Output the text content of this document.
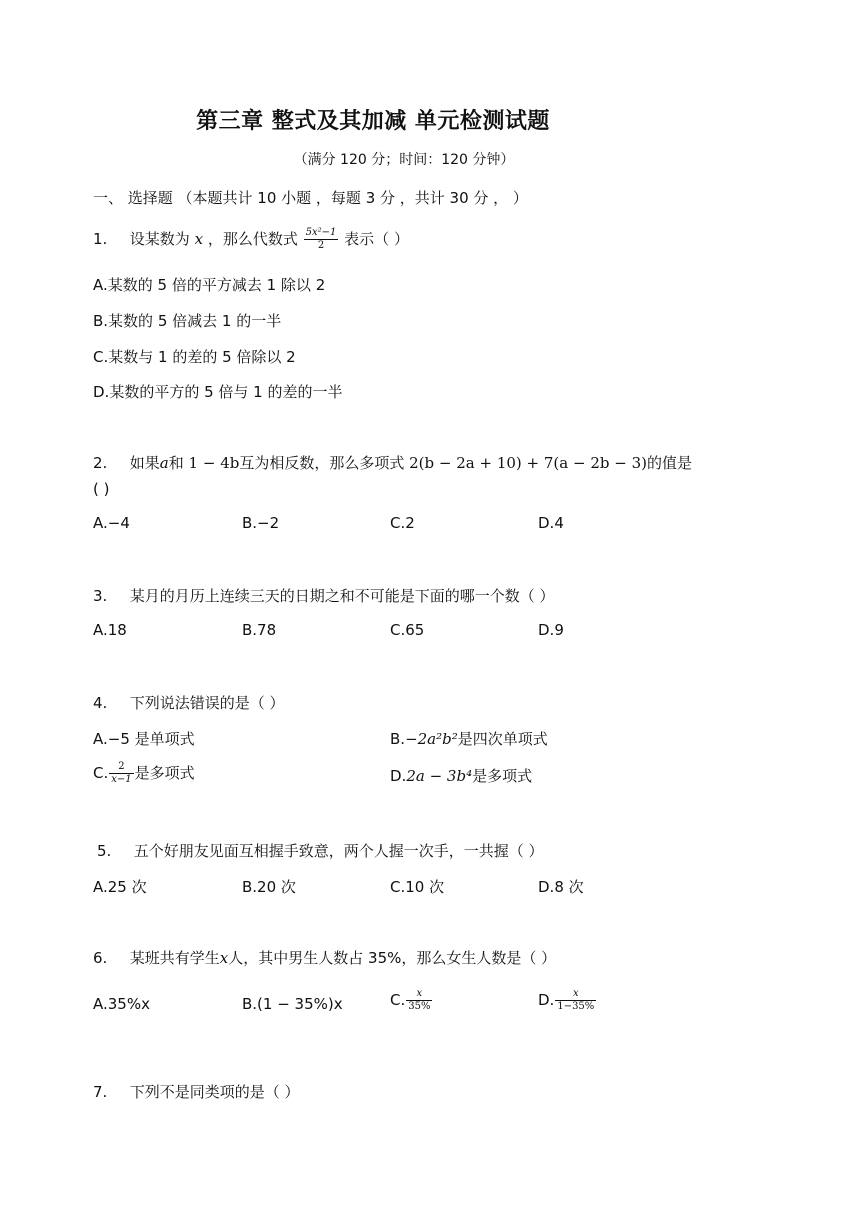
第三章 整式及其加减 单元检测试题
（满分 120 分；时间：120 分钟）
一、 选择题 （本题共计 10 小题 ，每题 3 分 ，共计 30 分 ， ）
1. 设某数为 x ，那么代数式 $\frac{\text{5x²−1}}{2}$ 表示（ ）
A.某数的 5 倍的平方减去 1 除以 2
B.某数的 5 倍减去 1 的一半
C.某数与 1 的差的 5 倍除以 2
D.某数的平方的 5 倍与 1 的差的一半
2. 如果a和 1 − 4b互为相反数，那么多项式 2(b − 2a + 10) + 7(a − 2b − 3)的值是
( )
A.−4	B.−2	C.2	D.4
3. 某月的月历上连续三天的日期之和不可能是下面的哪一个数（ ）
A.18	B.78	C.65	D.9
4. 下列说法错误的是（ ）
A.−5 是单项式	B.−2a²b²是四次单项式
C. $\frac{2}{x-1}$ 是多项式	D.2a − 3b⁴是多项式
5. 五个好朋友见面互相握手致意，两个人握一次手，一共握（ ）
A.25 次	B.20 次	C.10 次	D.8 次
6. 某班共有学生x人，其中男生人数占 35%，那么女生人数是（ ）
A.35%x	B.(1 − 35%)x	C. $\frac{x}{35\%}$	D. $\frac{x}{1-35\%}$
7. 下列不是同类项的是（ ）
